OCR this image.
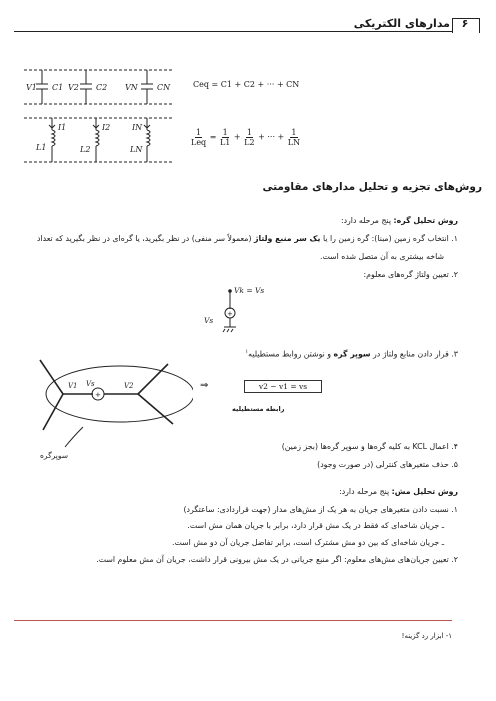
۶
مدارهای الکتریکی
V1 C1 V2 C2 VN CN
I1
L1
I2
L2
IN
LN
Ceq = C1 + C2 + ··· + CN
$\frac{1}{\text{Leq}} = \frac{1}{L1} + \frac{1}{L2}$ + ··· + $\frac{1}{LN}$
روش‌های تجزیه و تحلیل مدارهای مقاومتی
روش تحلیل گره: پنج مرحله دارد:
۱. انتخاب گره زمین (مبنا): گره زمین را یا یک سر منبع ولتاژ (معمولاً سر منفی) در نظر بگیرید، یا گره‌ای در نظر بگیرید که تعداد
شاخه بیشتری به آن متصل شده است.
۲. تعیین ولتاژ گره‌های معلوم:
+
Vk = Vs
Vs
۳. قرار دادن منابع ولتاژ در سوپر گره و نوشتن روابط مستطیلیه$^۱$
+
Vs
V1	V2
سوپرگره
⇒	v2 − v1 = vs
رابطه مستطیلیه
۴. اعمال KCL به کلیه گره‌ها و سوپر گره‌ها (بجز زمین)
۵. حذف متغیرهای کنترلی (در صورت وجود)
روش تحلیل مش: پنج مرحله دارد:
۱. نسبت دادن متغیرهای جریان به هر یک از مش‌های مدار (جهت قراردادی: ساعتگرد)
ـ جریان شاخه‌ای که فقط در یک مش قرار دارد، برابر با جریان همان مش است.
ـ جریان شاخه‌ای که بین دو مش مشترک است، برابر تفاضل جریان آن دو مش است.
۲. تعیین جریان‌های مش‌های معلوم: اگر منبع جریانی در یک مش بیرونی قرار داشت، جریان آن مش معلوم است.
۱- ابزار رد گزینه!
